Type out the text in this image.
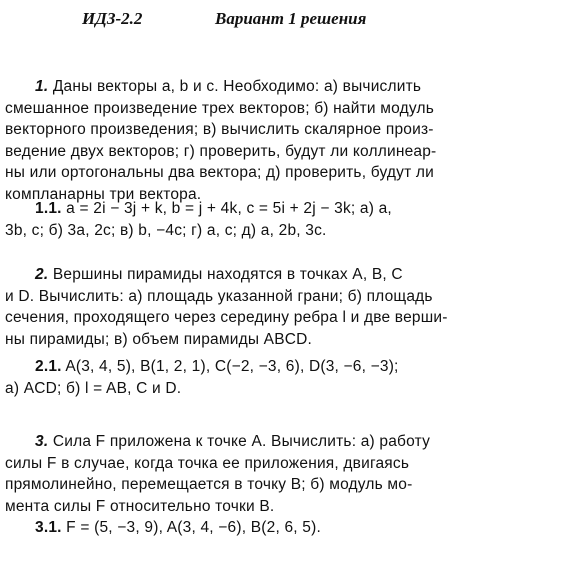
ИДЗ-2.2	Вариант 1 решения
1. Даны векторы a, b и c. Необходимо: а) вычислить
смешанное произведение трех векторов; б) найти модуль
векторного произведения; в) вычислить скалярное произ-
ведение двух векторов; г) проверить, будут ли коллинеар-
ны или ортогональны два вектора; д) проверить, будут ли
компланарны три вектора.
1.1. a = 2i − 3j + k, b = j + 4k, c = 5i + 2j − 3k; а) a,
3b, c; б) 3a, 2c; в) b, −4c; г) a, c; д) a, 2b, 3c.
2. Вершины пирамиды находятся в точках A, B, C
и D. Вычислить: а) площадь указанной грани; б) площадь
сечения, проходящего через середину ребра l и две верши-
ны пирамиды; в) объем пирамиды ABCD.
2.1. A(3, 4, 5), B(1, 2, 1), C(−2, −3, 6), D(3, −6, −3);
а) ACD; б) l = AB, C и D.
3. Сила F приложена к точке A. Вычислить: а) работу
силы F в случае, когда точка ее приложения, двигаясь
прямолинейно, перемещается в точку B; б) модуль мо-
мента силы F относительно точки B.
3.1. F = (5, −3, 9), A(3, 4, −6), B(2, 6, 5).
